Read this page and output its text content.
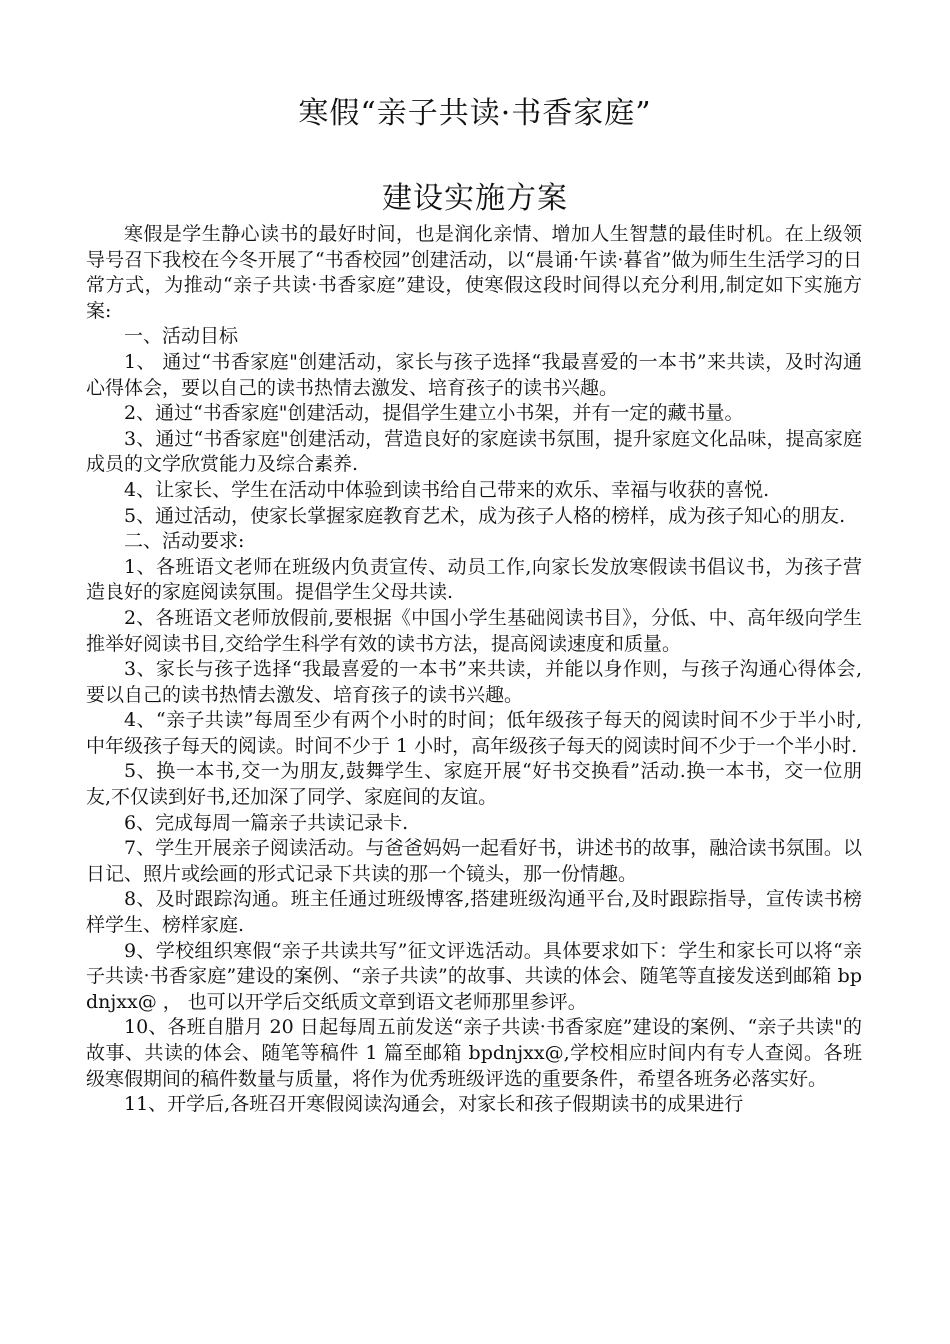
寒假“亲子共读·书香家庭”
建设实施方案

寒假是学生静心读书的最好时间，也是润化亲情、增加人生智慧的最佳时机。在上级领导号召下我校在今冬开展了“书香校园”创建活动，以“晨诵·午读·暮省”做为师生生活学习的日常方式，为推动“亲子共读·书香家庭”建设，使寒假这段时间得以充分利用,制定如下实施方案:

一、活动目标

1、 通过“书香家庭"创建活动，家长与孩子选择“我最喜爱的一本书”来共读，及时沟通心得体会，要以自己的读书热情去激发、培育孩子的读书兴趣。

2、通过“书香家庭"创建活动，提倡学生建立小书架，并有一定的藏书量。

3、通过“书香家庭"创建活动，营造良好的家庭读书氛围，提升家庭文化品味，提高家庭成员的文学欣赏能力及综合素养.

4、让家长、学生在活动中体验到读书给自己带来的欢乐、幸福与收获的喜悦.

5、通过活动，使家长掌握家庭教育艺术，成为孩子人格的榜样，成为孩子知心的朋友.

二、活动要求:

1、各班语文老师在班级内负责宣传、动员工作,向家长发放寒假读书倡议书，为孩子营造良好的家庭阅读氛围。提倡学生父母共读.

2、各班语文老师放假前,要根据《中国小学生基础阅读书目》，分低、中、高年级向学生推举好阅读书目,交给学生科学有效的读书方法，提高阅读速度和质量。

3、家长与孩子选择“我最喜爱的一本书”来共读，并能以身作则，与孩子沟通心得体会,要以自己的读书热情去激发、培育孩子的读书兴趣。

4、“亲子共读”每周至少有两个小时的时间；低年级孩子每天的阅读时间不少于半小时,中年级孩子每天的阅读。时间不少于 1 小时，高年级孩子每天的阅读时间不少于一个半小时.

5、换一本书,交一为朋友,鼓舞学生、家庭开展“好书交换看”活动.换一本书，交一位朋友,不仅读到好书,还加深了同学、家庭间的友谊。

6、完成每周一篇亲子共读记录卡.

7、学生开展亲子阅读活动。与爸爸妈妈一起看好书，讲述书的故事，融洽读书氛围。以日记、照片或绘画的形式记录下共读的那一个镜头，那一份情趣。

8、及时跟踪沟通。班主任通过班级博客,搭建班级沟通平台,及时跟踪指导，宣传读书榜样学生、榜样家庭.

9、学校组织寒假“亲子共读共写”征文评选活动。具体要求如下：学生和家长可以将“亲子共读·书香家庭”建设的案例、“亲子共读”的故事、共读的体会、随笔等直接发送到邮箱 bpdnjxx@ ， 也可以开学后交纸质文章到语文老师那里参评。

10、各班自腊月 20 日起每周五前发送“亲子共读·书香家庭”建设的案例、“亲子共读"的故事、共读的体会、随笔等稿件 1 篇至邮箱 bpdnjxx@,学校相应时间内有专人查阅。各班级寒假期间的稿件数量与质量，将作为优秀班级评选的重要条件，希望各班务必落实好。

11、开学后,各班召开寒假阅读沟通会，对家长和孩子假期读书的成果进行
